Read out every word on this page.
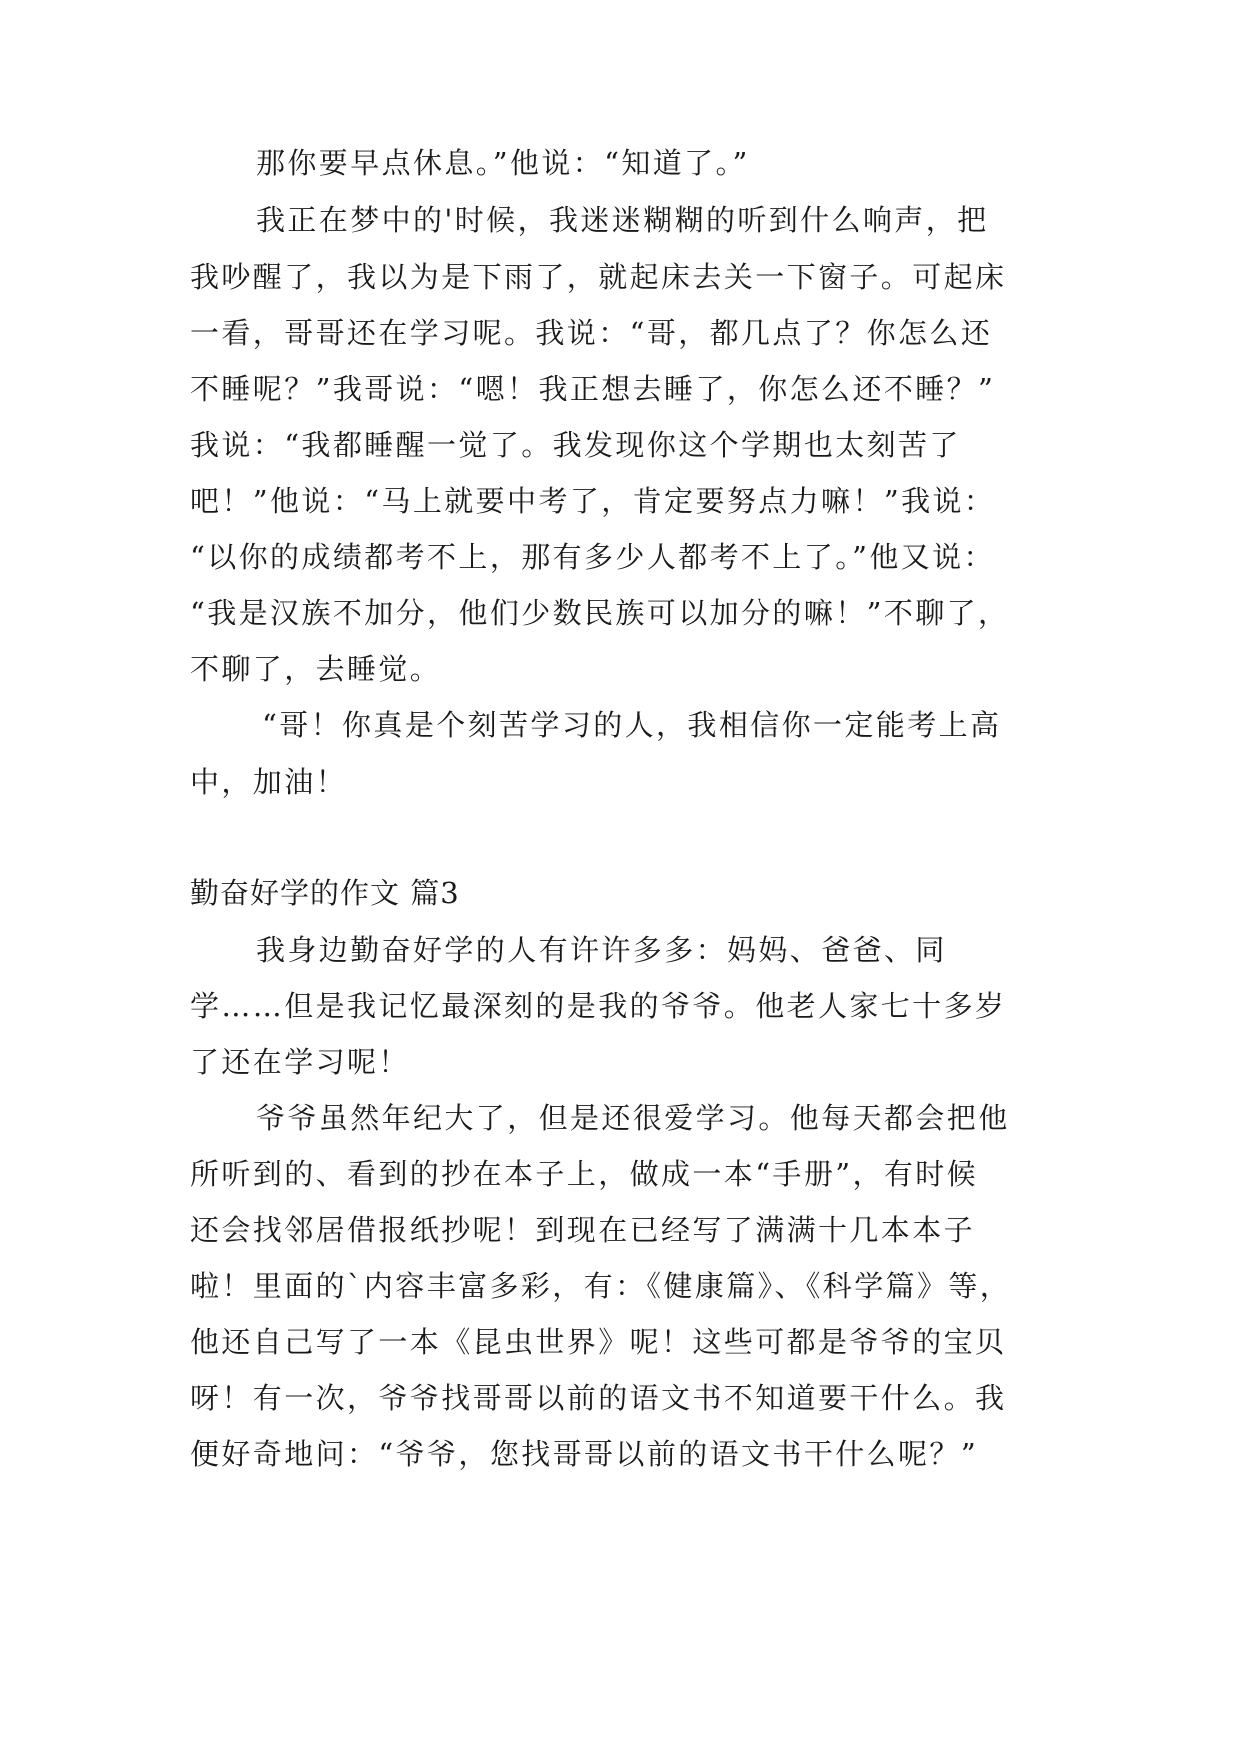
那你要早点休息。”他说：“知道了。”
我正在梦中的'时候，我迷迷糊糊的听到什么响声，把
我吵醒了，我以为是下雨了，就起床去关一下窗子。可起床
一看，哥哥还在学习呢。我说：“哥，都几点了？你怎么还
不睡呢？”我哥说：“嗯！我正想去睡了，你怎么还不睡？”
我说：“我都睡醒一觉了。我发现你这个学期也太刻苦了
吧！”他说：“马上就要中考了，肯定要努点力嘛！”我说：
“以你的成绩都考不上，那有多少人都考不上了。”他又说：
“我是汉族不加分，他们少数民族可以加分的嘛！”不聊了，
不聊了，去睡觉。
“哥！你真是个刻苦学习的人，我相信你一定能考上高
中，加油！
勤奋好学的作文 篇3
我身边勤奋好学的人有许许多多：妈妈、爸爸、同
学……但是我记忆最深刻的是我的爷爷。他老人家七十多岁
了还在学习呢！
爷爷虽然年纪大了，但是还很爱学习。他每天都会把他
所听到的、看到的抄在本子上，做成一本“手册”，有时候
还会找邻居借报纸抄呢！到现在已经写了满满十几本本子
啦！里面的`内容丰富多彩，有：《健康篇》、《科学篇》等，
他还自己写了一本《昆虫世界》呢！这些可都是爷爷的宝贝
呀！有一次，爷爷找哥哥以前的语文书不知道要干什么。我
便好奇地问：“爷爷，您找哥哥以前的语文书干什么呢？”
